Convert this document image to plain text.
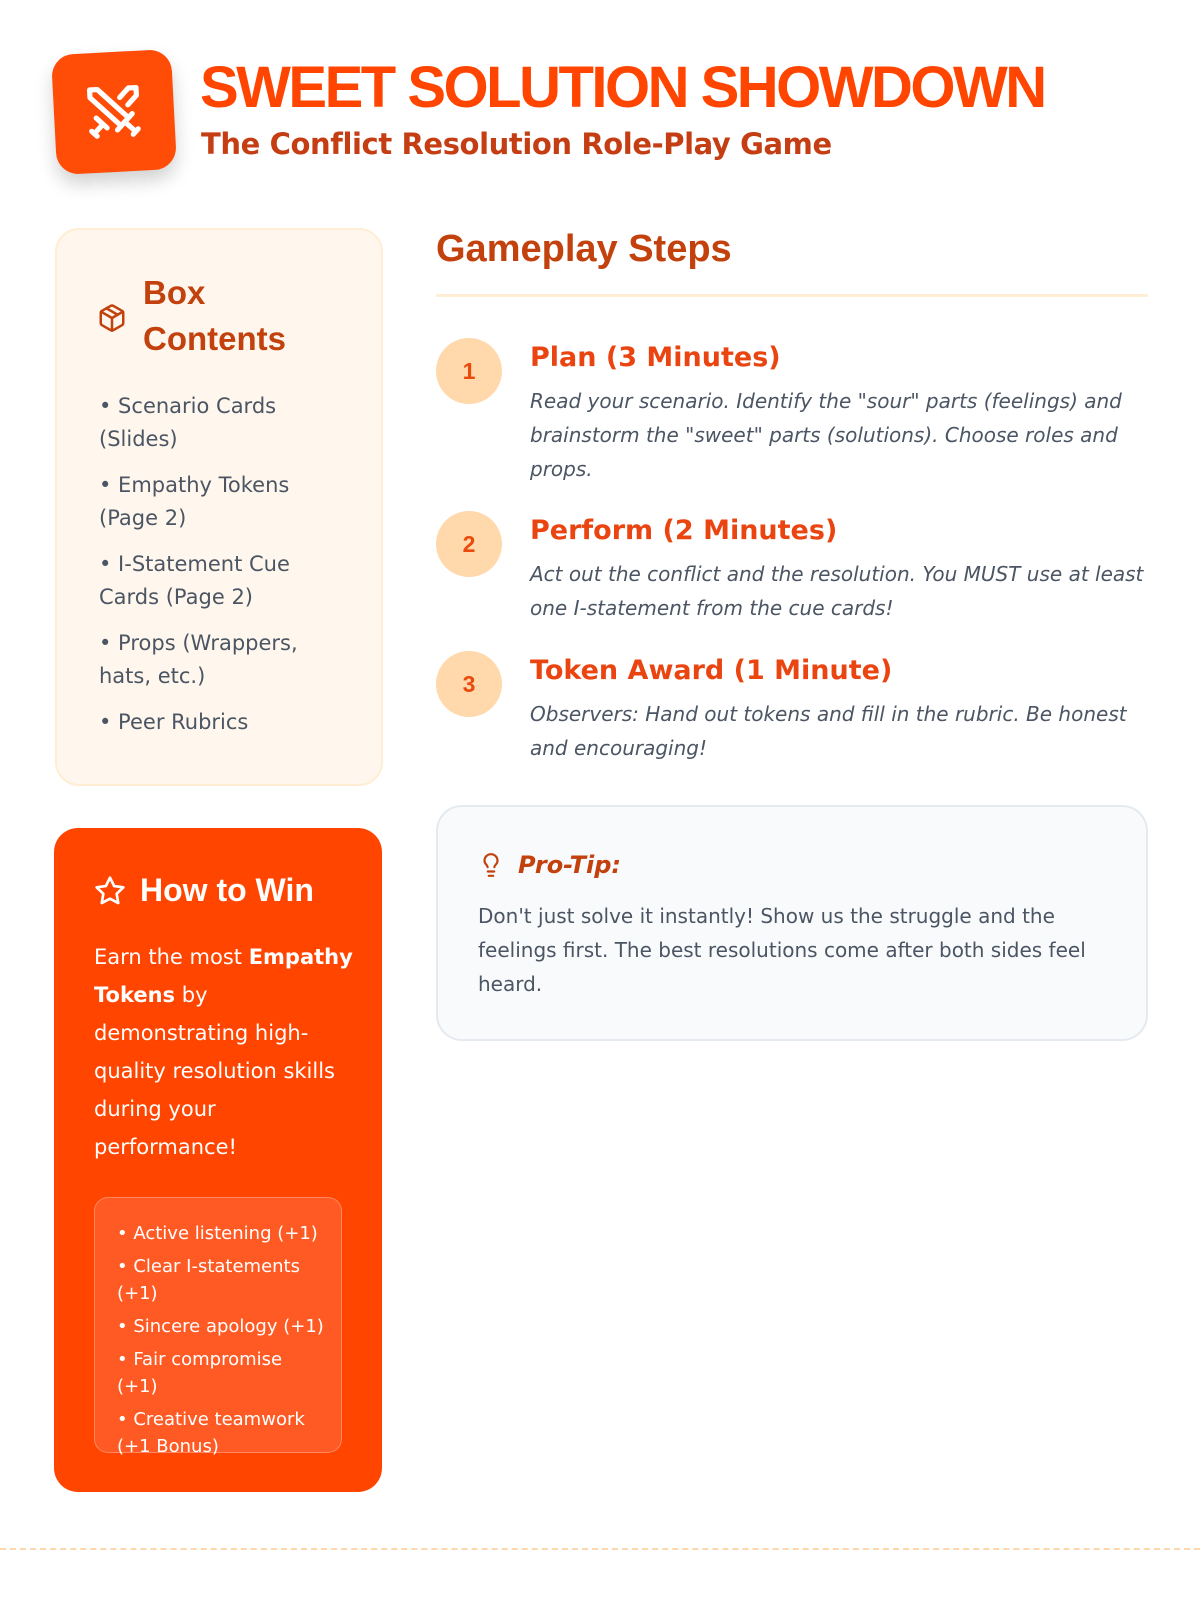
SWEET SOLUTION SHOWDOWN
The Conflict Resolution Role-Play Game
Box
Contents
• Scenario Cards (Slides)
• Empathy Tokens (Page 2)
• I-Statement Cue Cards (Page 2)
• Props (Wrappers, hats, etc.)
• Peer Rubrics
How to Win
Earn the most Empathy Tokens by demonstrating high-quality resolution skills during your performance!
• Active listening (+1)
• Clear I-statements (+1)
• Sincere apology (+1)
• Fair compromise (+1)
• Creative teamwork (+1 Bonus)
Gameplay Steps
1	Plan (3 Minutes)
Read your scenario. Identify the "sour" parts (feelings) and brainstorm the "sweet" parts (solutions). Choose roles and props.
2	Perform (2 Minutes)
Act out the conflict and the resolution. You MUST use at least one I-statement from the cue cards!
3	Token Award (1 Minute)
Observers: Hand out tokens and fill in the rubric. Be honest and encouraging!
Pro-Tip:
Don't just solve it instantly! Show us the struggle and the feelings first. The best resolutions come after both sides feel heard.
